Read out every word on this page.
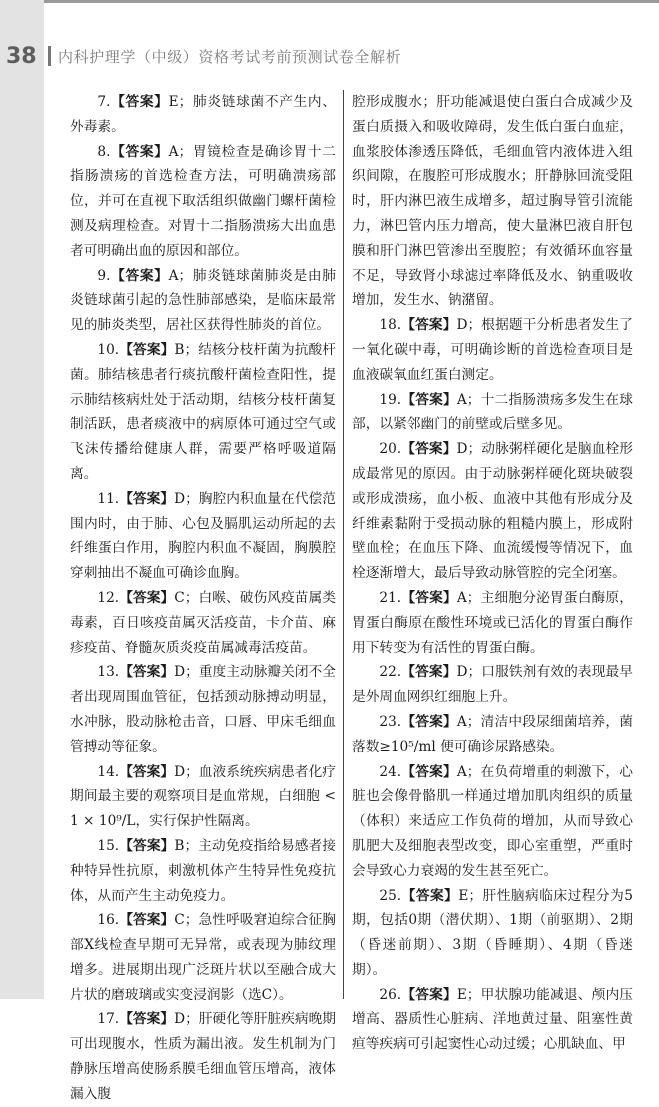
38 内科护理学（中级）资格考试考前预测试卷全解析

7.【答案】E；肺炎链球菌不产生内、外毒素。

8.【答案】A；胃镜检查是确诊胃十二指肠溃疡的首选检查方法，可明确溃疡部位，并可在直视下取活组织做幽门螺杆菌检测及病理检查。对胃十二指肠溃疡大出血患者可明确出血的原因和部位。

9.【答案】A；肺炎链球菌肺炎是由肺炎链球菌引起的急性肺部感染，是临床最常见的肺炎类型，居社区获得性肺炎的首位。

10.【答案】B；结核分枝杆菌为抗酸杆菌。肺结核患者行痰抗酸杆菌检查阳性，提示肺结核病灶处于活动期，结核分枝杆菌复制活跃，患者痰液中的病原体可通过空气或飞沫传播给健康人群，需要严格呼吸道隔离。

11.【答案】D；胸腔内积血量在代偿范围内时，由于肺、心包及膈肌运动所起的去纤维蛋白作用，胸腔内积血不凝固，胸膜腔穿刺抽出不凝血可确诊血胸。

12.【答案】C；白喉、破伤风疫苗属类毒素，百日咳疫苗属灭活疫苗，卡介苗、麻疹疫苗、脊髓灰质炎疫苗属减毒活疫苗。

13.【答案】D；重度主动脉瓣关闭不全者出现周围血管征，包括颈动脉搏动明显，水冲脉，股动脉枪击音，口唇、甲床毛细血管搏动等征象。

14.【答案】D；血液系统疾病患者化疗期间最主要的观察项目是血常规，白细胞 < 1 × 10⁹/L，实行保护性隔离。

15.【答案】B；主动免疫指给易感者接种特异性抗原，刺激机体产生特异性免疫抗体，从而产生主动免疫力。

16.【答案】C；急性呼吸窘迫综合征胸部X线检查早期可无异常，或表现为肺纹理增多。进展期出现广泛斑片状以至融合成大片状的磨玻璃或实变浸润影（选C）。

17.【答案】D；肝硬化等肝脏疾病晚期可出现腹水，性质为漏出液。发生机制为门静脉压增高使肠系膜毛细血管压增高，液体漏入腹

腔形成腹水；肝功能减退使白蛋白合成减少及蛋白质摄入和吸收障碍，发生低白蛋白血症，血浆胶体渗透压降低，毛细血管内液体进入组织间隙，在腹腔可形成腹水；肝静脉回流受阻时，肝内淋巴液生成增多，超过胸导管引流能力，淋巴管内压力增高，使大量淋巴液自肝包膜和肝门淋巴管渗出至腹腔；有效循环血容量不足，导致肾小球滤过率降低及水、钠重吸收增加，发生水、钠潴留。

18.【答案】D；根据题干分析患者发生了一氧化碳中毒，可明确诊断的首选检查项目是血液碳氧血红蛋白测定。

19.【答案】A；十二指肠溃疡多发生在球部，以紧邻幽门的前壁或后壁多见。

20.【答案】D；动脉粥样硬化是脑血栓形成最常见的原因。由于动脉粥样硬化斑块破裂或形成溃疡，血小板、血液中其他有形成分及纤维素黏附于受损动脉的粗糙内膜上，形成附壁血栓；在血压下降、血流缓慢等情况下，血栓逐渐增大，最后导致动脉管腔的完全闭塞。

21.【答案】A；主细胞分泌胃蛋白酶原，胃蛋白酶原在酸性环境或已活化的胃蛋白酶作用下转变为有活性的胃蛋白酶。

22.【答案】D；口服铁剂有效的表现最早是外周血网织红细胞上升。

23.【答案】A；清洁中段尿细菌培养，菌落数≥10⁵/ml 便可确诊尿路感染。

24.【答案】A；在负荷增重的刺激下，心脏也会像骨骼肌一样通过增加肌肉组织的质量（体积）来适应工作负荷的增加，从而导致心肌肥大及细胞表型改变，即心室重塑，严重时会导致心力衰竭的发生甚至死亡。

25.【答案】E；肝性脑病临床过程分为5期，包括0期（潜伏期）、1期（前驱期）、2期（昏迷前期）、3期（昏睡期）、4期（昏迷期）。

26.【答案】E；甲状腺功能减退、颅内压增高、器质性心脏病、洋地黄过量、阻塞性黄疸等疾病可引起窦性心动过缓；心肌缺血、甲
